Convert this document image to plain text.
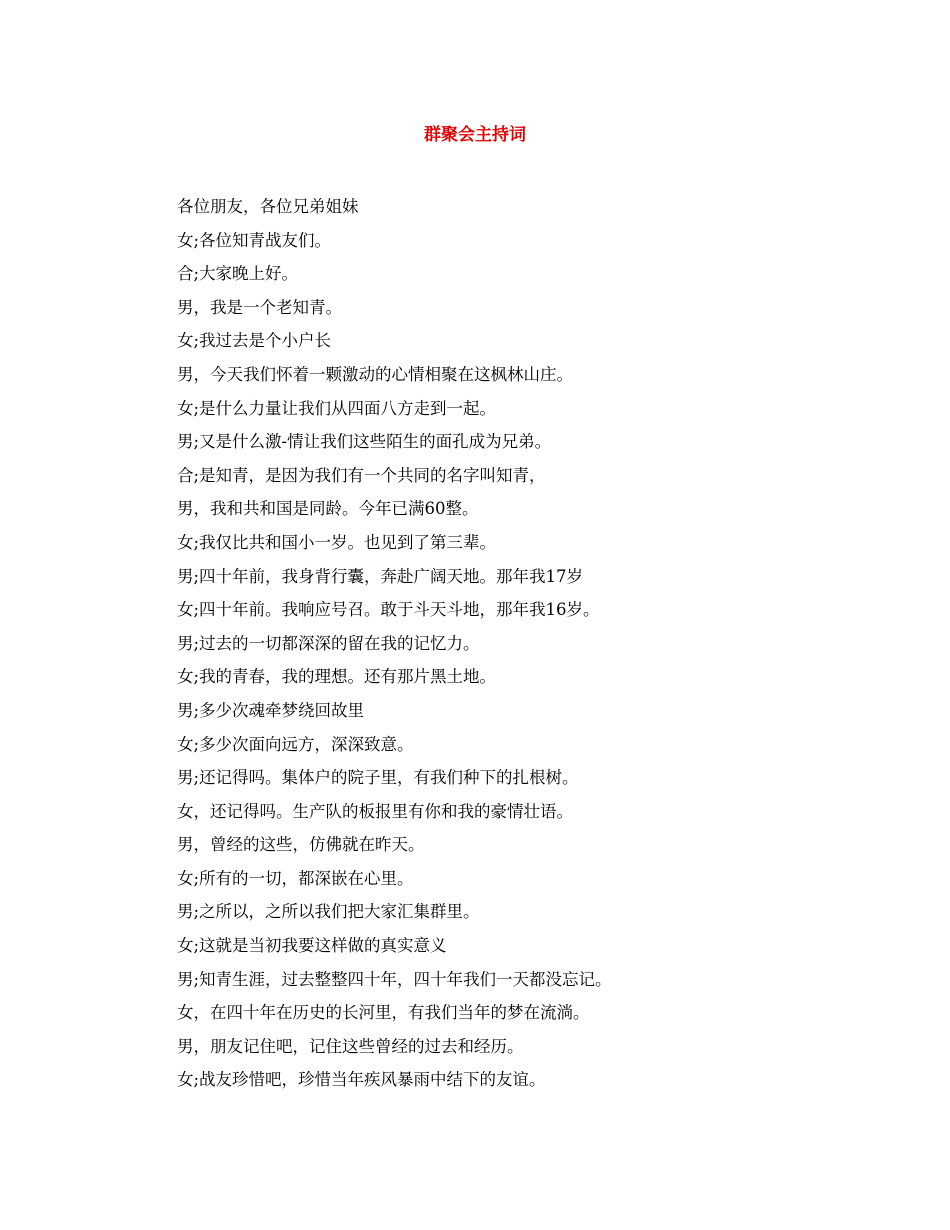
群聚会主持词
各位朋友，各位兄弟姐妹
女;各位知青战友们。
合;大家晚上好。
男，我是一个老知青。
女;我过去是个小户长
男，今天我们怀着一颗激动的心情相聚在这枫林山庄。
女;是什么力量让我们从四面八方走到一起。
男;又是什么激-情让我们这些陌生的面孔成为兄弟。
合;是知青，是因为我们有一个共同的名字叫知青，
男，我和共和国是同龄。今年已满60整。
女;我仅比共和国小一岁。也见到了第三辈。
男;四十年前，我身背行囊，奔赴广阔天地。那年我17岁
女;四十年前。我响应号召。敢于斗天斗地，那年我16岁。
男;过去的一切都深深的留在我的记忆力。
女;我的青春，我的理想。还有那片黑土地。
男;多少次魂牵梦绕回故里
女;多少次面向远方，深深致意。
男;还记得吗。集体户的院子里，有我们种下的扎根树。
女，还记得吗。生产队的板报里有你和我的豪情壮语。
男，曾经的这些，仿佛就在昨天。
女;所有的一切，都深嵌在心里。
男;之所以，之所以我们把大家汇集群里。
女;这就是当初我要这样做的真实意义
男;知青生涯，过去整整四十年，四十年我们一天都没忘记。
女，在四十年在历史的长河里，有我们当年的梦在流淌。
男，朋友记住吧，记住这些曾经的过去和经历。
女;战友珍惜吧，珍惜当年疾风暴雨中结下的友谊。
